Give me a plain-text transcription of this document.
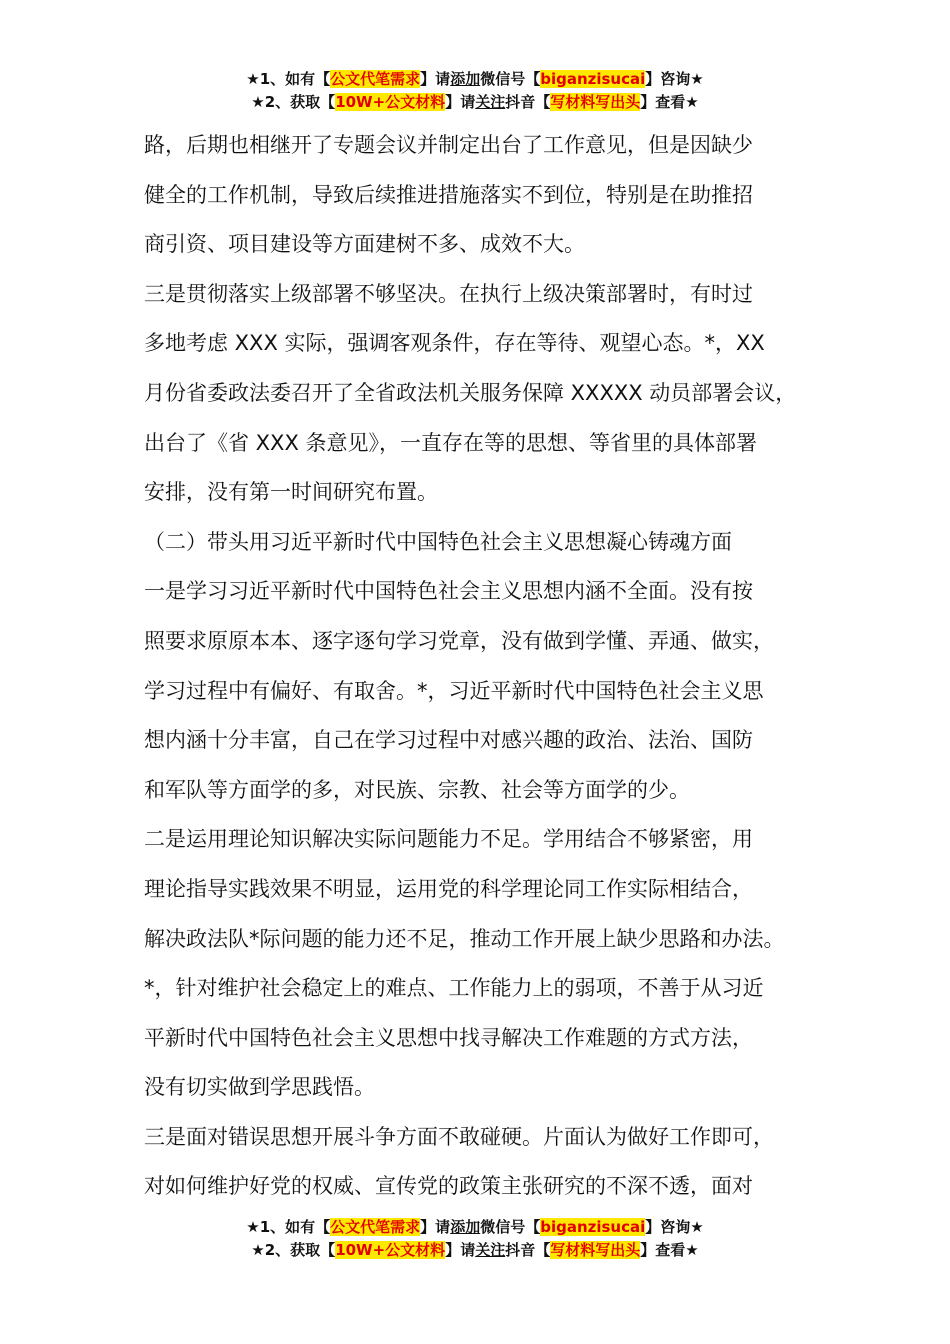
★1、如有【公文代笔需求】请添加微信号【biganzisucai】咨询★
★2、获取【10W+公文材料】请关注抖音【写材料写出头】查看★

路，后期也相继开了专题会议并制定出台了工作意见，但是因缺少

健全的工作机制，导致后续推进措施落实不到位，特别是在助推招

商引资、项目建设等方面建树不多、成效不大。

三是贯彻落实上级部署不够坚决。在执行上级决策部署时，有时过

多地考虑 XXX 实际，强调客观条件，存在等待、观望心态。*，XX

月份省委政法委召开了全省政法机关服务保障 XXXXX 动员部署会议，

出台了《省 XXX 条意见》，一直存在等的思想、等省里的具体部署

安排，没有第一时间研究布置。

（二）带头用习近平新时代中国特色社会主义思想凝心铸魂方面

一是学习习近平新时代中国特色社会主义思想内涵不全面。没有按

照要求原原本本、逐字逐句学习党章，没有做到学懂、弄通、做实，

学习过程中有偏好、有取舍。*，习近平新时代中国特色社会主义思

想内涵十分丰富，自己在学习过程中对感兴趣的政治、法治、国防

和军队等方面学的多，对民族、宗教、社会等方面学的少。

二是运用理论知识解决实际问题能力不足。学用结合不够紧密，用

理论指导实践效果不明显，运用党的科学理论同工作实际相结合，

解决政法队*际问题的能力还不足，推动工作开展上缺少思路和办法。

*，针对维护社会稳定上的难点、工作能力上的弱项，不善于从习近

平新时代中国特色社会主义思想中找寻解决工作难题的方式方法，

没有切实做到学思践悟。

三是面对错误思想开展斗争方面不敢碰硬。片面认为做好工作即可，

对如何维护好党的权威、宣传党的政策主张研究的不深不透，面对

★1、如有【公文代笔需求】请添加微信号【biganzisucai】咨询★
★2、获取【10W+公文材料】请关注抖音【写材料写出头】查看★
